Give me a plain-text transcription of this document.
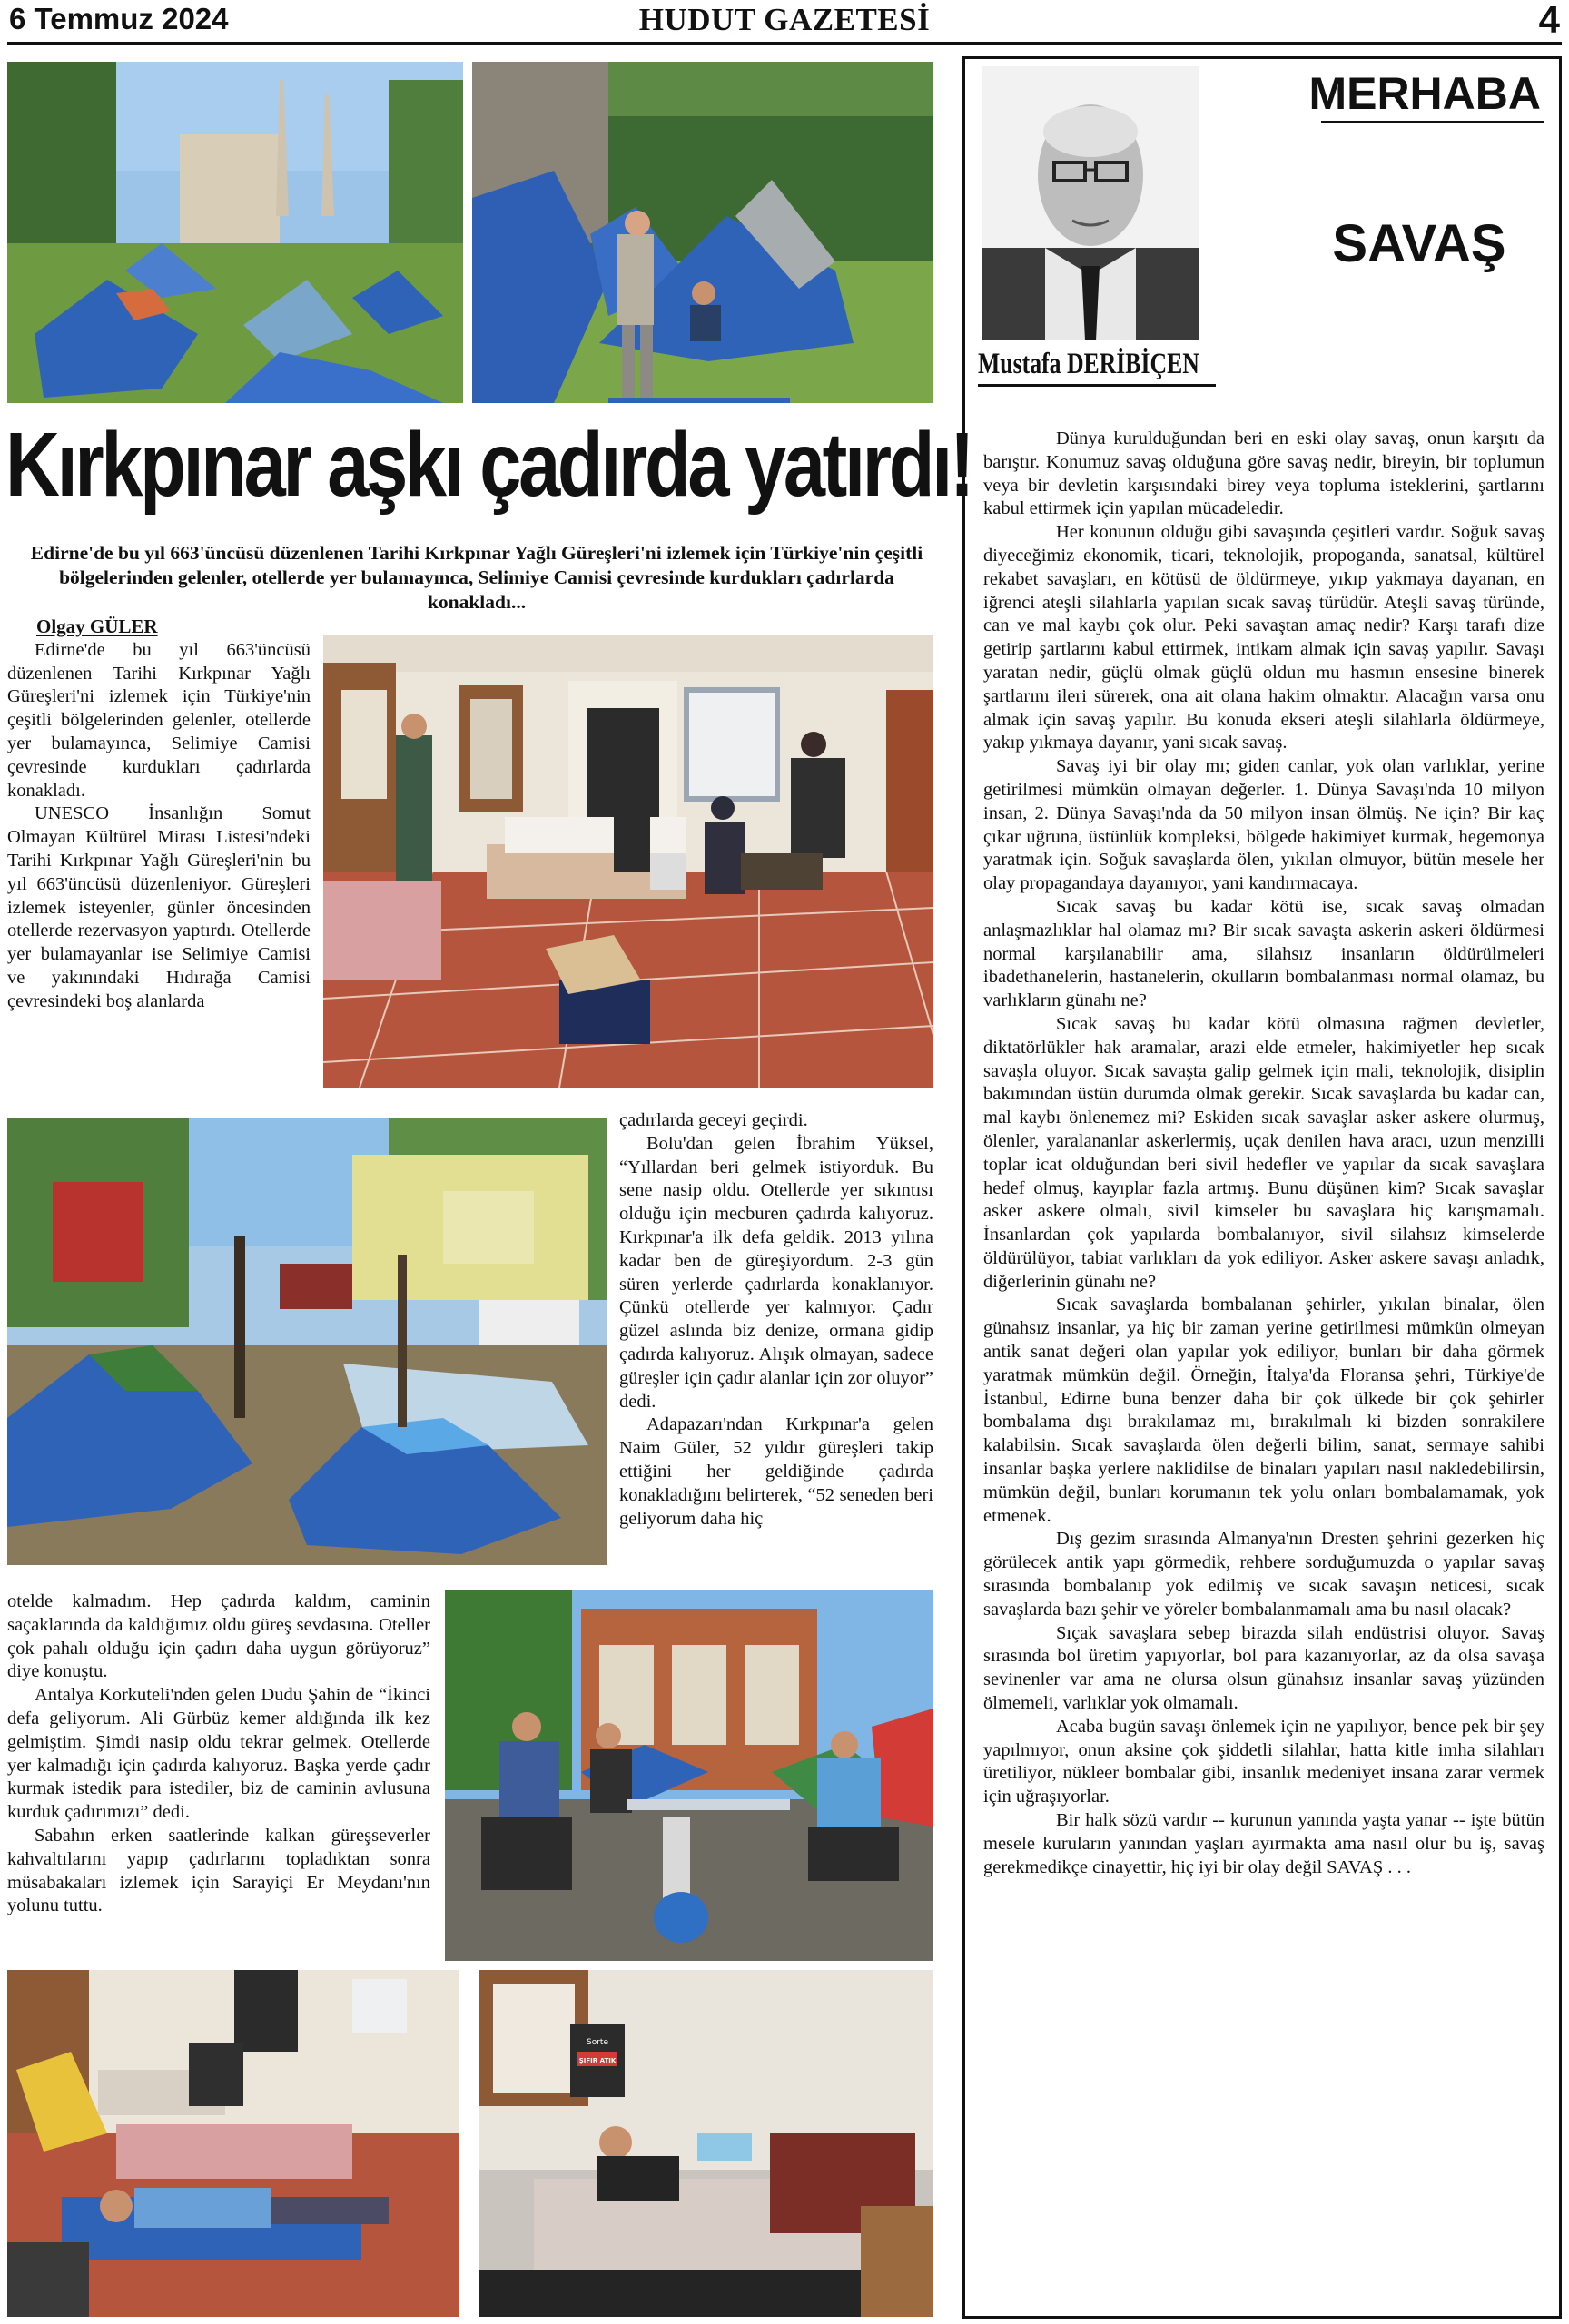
6 Temmuz 2024	HUDUT GAZETESİ	4
Kırkpınar aşkı çadırda yatırdı!
Edirne'de bu yıl 663'üncüsü düzenlenen Tarihi Kırkpınar Yağlı Güreşleri'ni izlemek için Türkiye'nin çeşitli bölgelerinden gelenler, otellerde yer bulamayınca, Selimiye Camisi çevresinde kurdukları çadırlarda konakladı...

Olgay GÜLER

Edirne'de bu yıl 663'üncüsü düzenlenen Tarihi Kırkpınar Yağlı Güreşleri'ni izlemek için Türkiye'nin çeşitli bölgelerinden gelenler, otellerde yer bulamayınca, Selimiye Camisi çevresinde kurdukları çadırlarda konakladı.

UNESCO İnsanlığın Somut Olmayan Kültürel Mirası Listesi'ndeki Tarihi Kırkpınar Yağlı Güreşleri'nin bu yıl 663'üncüsü düzenleniyor. Güreşleri izlemek isteyenler, günler öncesinden otellerde rezervasyon yaptırdı. Otellerde yer bulamayanlar ise Selimiye Camisi ve yakınındaki Hıdırağa Camisi çevresindeki boş alanlarda

çadırlarda geceyi geçirdi.

Bolu'dan gelen İbrahim Yüksel, “Yıllardan beri gelmek istiyorduk. Bu sene nasip oldu. Otellerde yer sıkıntısı olduğu için mecburen çadırda kalıyoruz. Kırkpınar'a ilk defa geldik. 2013 yılına kadar ben de güreşiyordum. 2-3 gün süren yerlerde çadırlarda konaklanıyor. Çünkü otellerde yer kalmıyor. Çadır güzel aslında biz denize, ormana gidip çadırda kalıyoruz. Alışık olmayan, sadece güreşler için çadır alanlar için zor oluyor” dedi.

Adapazarı'ndan Kırkpınar'a gelen Naim Güler, 52 yıldır güreşleri takip ettiğini her geldiğinde çadırda konakladığını belirterek, “52 seneden beri geliyorum daha hiç

otelde kalmadım. Hep çadırda kaldım, caminin saçaklarında da kaldığımız oldu güreş sevdasına. Oteller çok pahalı olduğu için çadırı daha uygun görüyoruz” diye konuştu.

Antalya Korkuteli'nden gelen Dudu Şahin de “İkinci defa geliyorum. Ali Gürbüz kemer aldığında ilk kez gelmiştim. Şimdi nasip oldu tekrar gelmek. Otellerde yer kalmadığı için çadırda kalıyoruz. Başka yerde çadır kurmak istedik para istediler, biz de caminin avlusuna kurduk çadırımızı” dedi.

Sabahın erken saatlerinde kalkan güreşseverler kahvaltılarını yapıp çadırlarını topladıktan sonra müsabakaları izlemek için Sarayiçi Er Meydanı'nın yolunu tuttu.

Sorte
ŞIFIR ATIK
MERHABA
SAVAŞ
Mustafa DERİBİÇEN

Dünya kurulduğundan beri en eski olay savaş, onun karşıtı da barıştır. Konumuz savaş olduğuna göre savaş nedir, bireyin, bir toplumun veya bir devletin karşısındaki birey veya topluma isteklerini, şartlarını kabul ettirmek için yapılan mücadeledir.

Her konunun olduğu gibi savaşında çeşitleri vardır. Soğuk savaş diyeceğimiz ekonomik, ticari, teknolojik, propoganda, sanatsal, kültürel rekabet savaşları, en kötüsü de öldürmeye, yıkıp yakmaya dayanan, en iğrenci ateşli silahlarla yapılan sıcak savaş türüdür. Ateşli savaş türünde, can ve mal kaybı çok olur. Peki savaştan amaç nedir? Karşı tarafı dize getirip şartlarını kabul ettirmek, intikam almak için savaş yapılır. Savaşı yaratan nedir, güçlü olmak güçlü oldun mu hasmın ensesine binerek şartlarını ileri sürerek, ona ait olana hakim olmaktır. Alacağın varsa onu almak için savaş yapılır. Bu konuda ekseri ateşli silahlarla öldürmeye, yakıp yıkmaya dayanır, yani sıcak savaş.

Savaş iyi bir olay mı; giden canlar, yok olan varlıklar, yerine getirilmesi mümkün olmayan değerler. 1. Dünya Savaşı'nda 10 milyon insan, 2. Dünya Savaşı'nda da 50 milyon insan ölmüş. Ne için? Bir kaç çıkar uğruna, üstünlük kompleksi, bölgede hakimiyet kurmak, hegemonya yaratmak için. Soğuk savaşlarda ölen, yıkılan olmuyor, bütün mesele her olay propagandaya dayanıyor, yani kandırmacaya.

Sıcak savaş bu kadar kötü ise, sıcak savaş olmadan anlaşmazlıklar hal olamaz mı? Bir sıcak savaşta askerin askeri öldürmesi normal karşılanabilir ama, silahsız insanların öldürülmeleri ibadethanelerin, hastanelerin, okulların bombalanması normal olamaz, bu varlıkların günahı ne?

Sıcak savaş bu kadar kötü olmasına rağmen devletler, diktatörlükler hak aramalar, arazi elde etmeler, hakimiyetler hep sıcak savaşla oluyor. Sıcak savaşta galip gelmek için mali, teknolojik, disiplin bakımından üstün durumda olmak gerekir. Sıcak savaşlarda bu kadar can, mal kaybı önlenemez mi? Eskiden sıcak savaşlar asker askere olurmuş, ölenler, yaralananlar askerlermiş, uçak denilen hava aracı, uzun menzilli toplar icat olduğundan beri sivil hedefler ve yapılar da sıcak savaşlara hedef olmuş, kayıplar fazla artmış. Bunu düşünen kim? Sıcak savaşlar asker askere olmalı, sivil kimseler bu savaşlara hiç karışmamalı. İnsanlardan çok yapılarda bombalanıyor, sivil silahsız kimselerde öldürülüyor, tabiat varlıkları da yok ediliyor. Asker askere savaşı anladık, diğerlerinin günahı ne?

Sıcak savaşlarda bombalanan şehirler, yıkılan binalar, ölen günahsız insanlar, ya hiç bir zaman yerine getirilmesi mümkün olmeyan antik sanat değeri olan yapılar yok ediliyor, bunları bir daha görmek yaratmak mümkün değil. Örneğin, İtalya'da Floransa şehri, Türkiye'de İstanbul, Edirne buna benzer daha bir çok ülkede bir çok şehirler bombalama dışı bırakılamaz mı, bırakılmalı ki bizden sonrakilere kalabilsin. Sıcak savaşlarda ölen değerli bilim, sanat, sermaye sahibi insanlar başka yerlere naklidilse de binaları yapıları nasıl nakledebilirsin, mümkün değil, bunları korumanın tek yolu onları bombalamamak, yok etmenek.

Dış gezim sırasında Almanya'nın Dresten şehrini gezerken hiç görülecek antik yapı görmedik, rehbere sorduğumuzda o yapılar savaş sırasında bombalanıp yok edilmiş ve sıcak savaşın neticesi, sıcak savaşlarda bazı şehir ve yöreler bombalanmamalı ama bu nasıl olacak?

Sıçak savaşlara sebep birazda silah endüstrisi oluyor. Savaş sırasında bol üretim yapıyorlar, bol para kazanıyorlar, az da olsa savaşa sevinenler var ama ne olursa olsun günahsız insanlar savaş yüzünden ölmemeli, varlıklar yok olmamalı.

Acaba bugün savaşı önlemek için ne yapılıyor, bence pek bir şey yapılmıyor, onun aksine çok şiddetli silahlar, hatta kitle imha silahları üretiliyor, nükleer bombalar gibi, insanlık medeniyet insana zarar vermek için uğraşıyorlar.

Bir halk sözü vardır -- kurunun yanında yaşta yanar -- işte bütün mesele kuruların yanından yaşları ayırmakta ama nasıl olur bu iş, savaş gerekmedikçe cinayettir, hiç iyi bir olay değil SAVAŞ . . .
